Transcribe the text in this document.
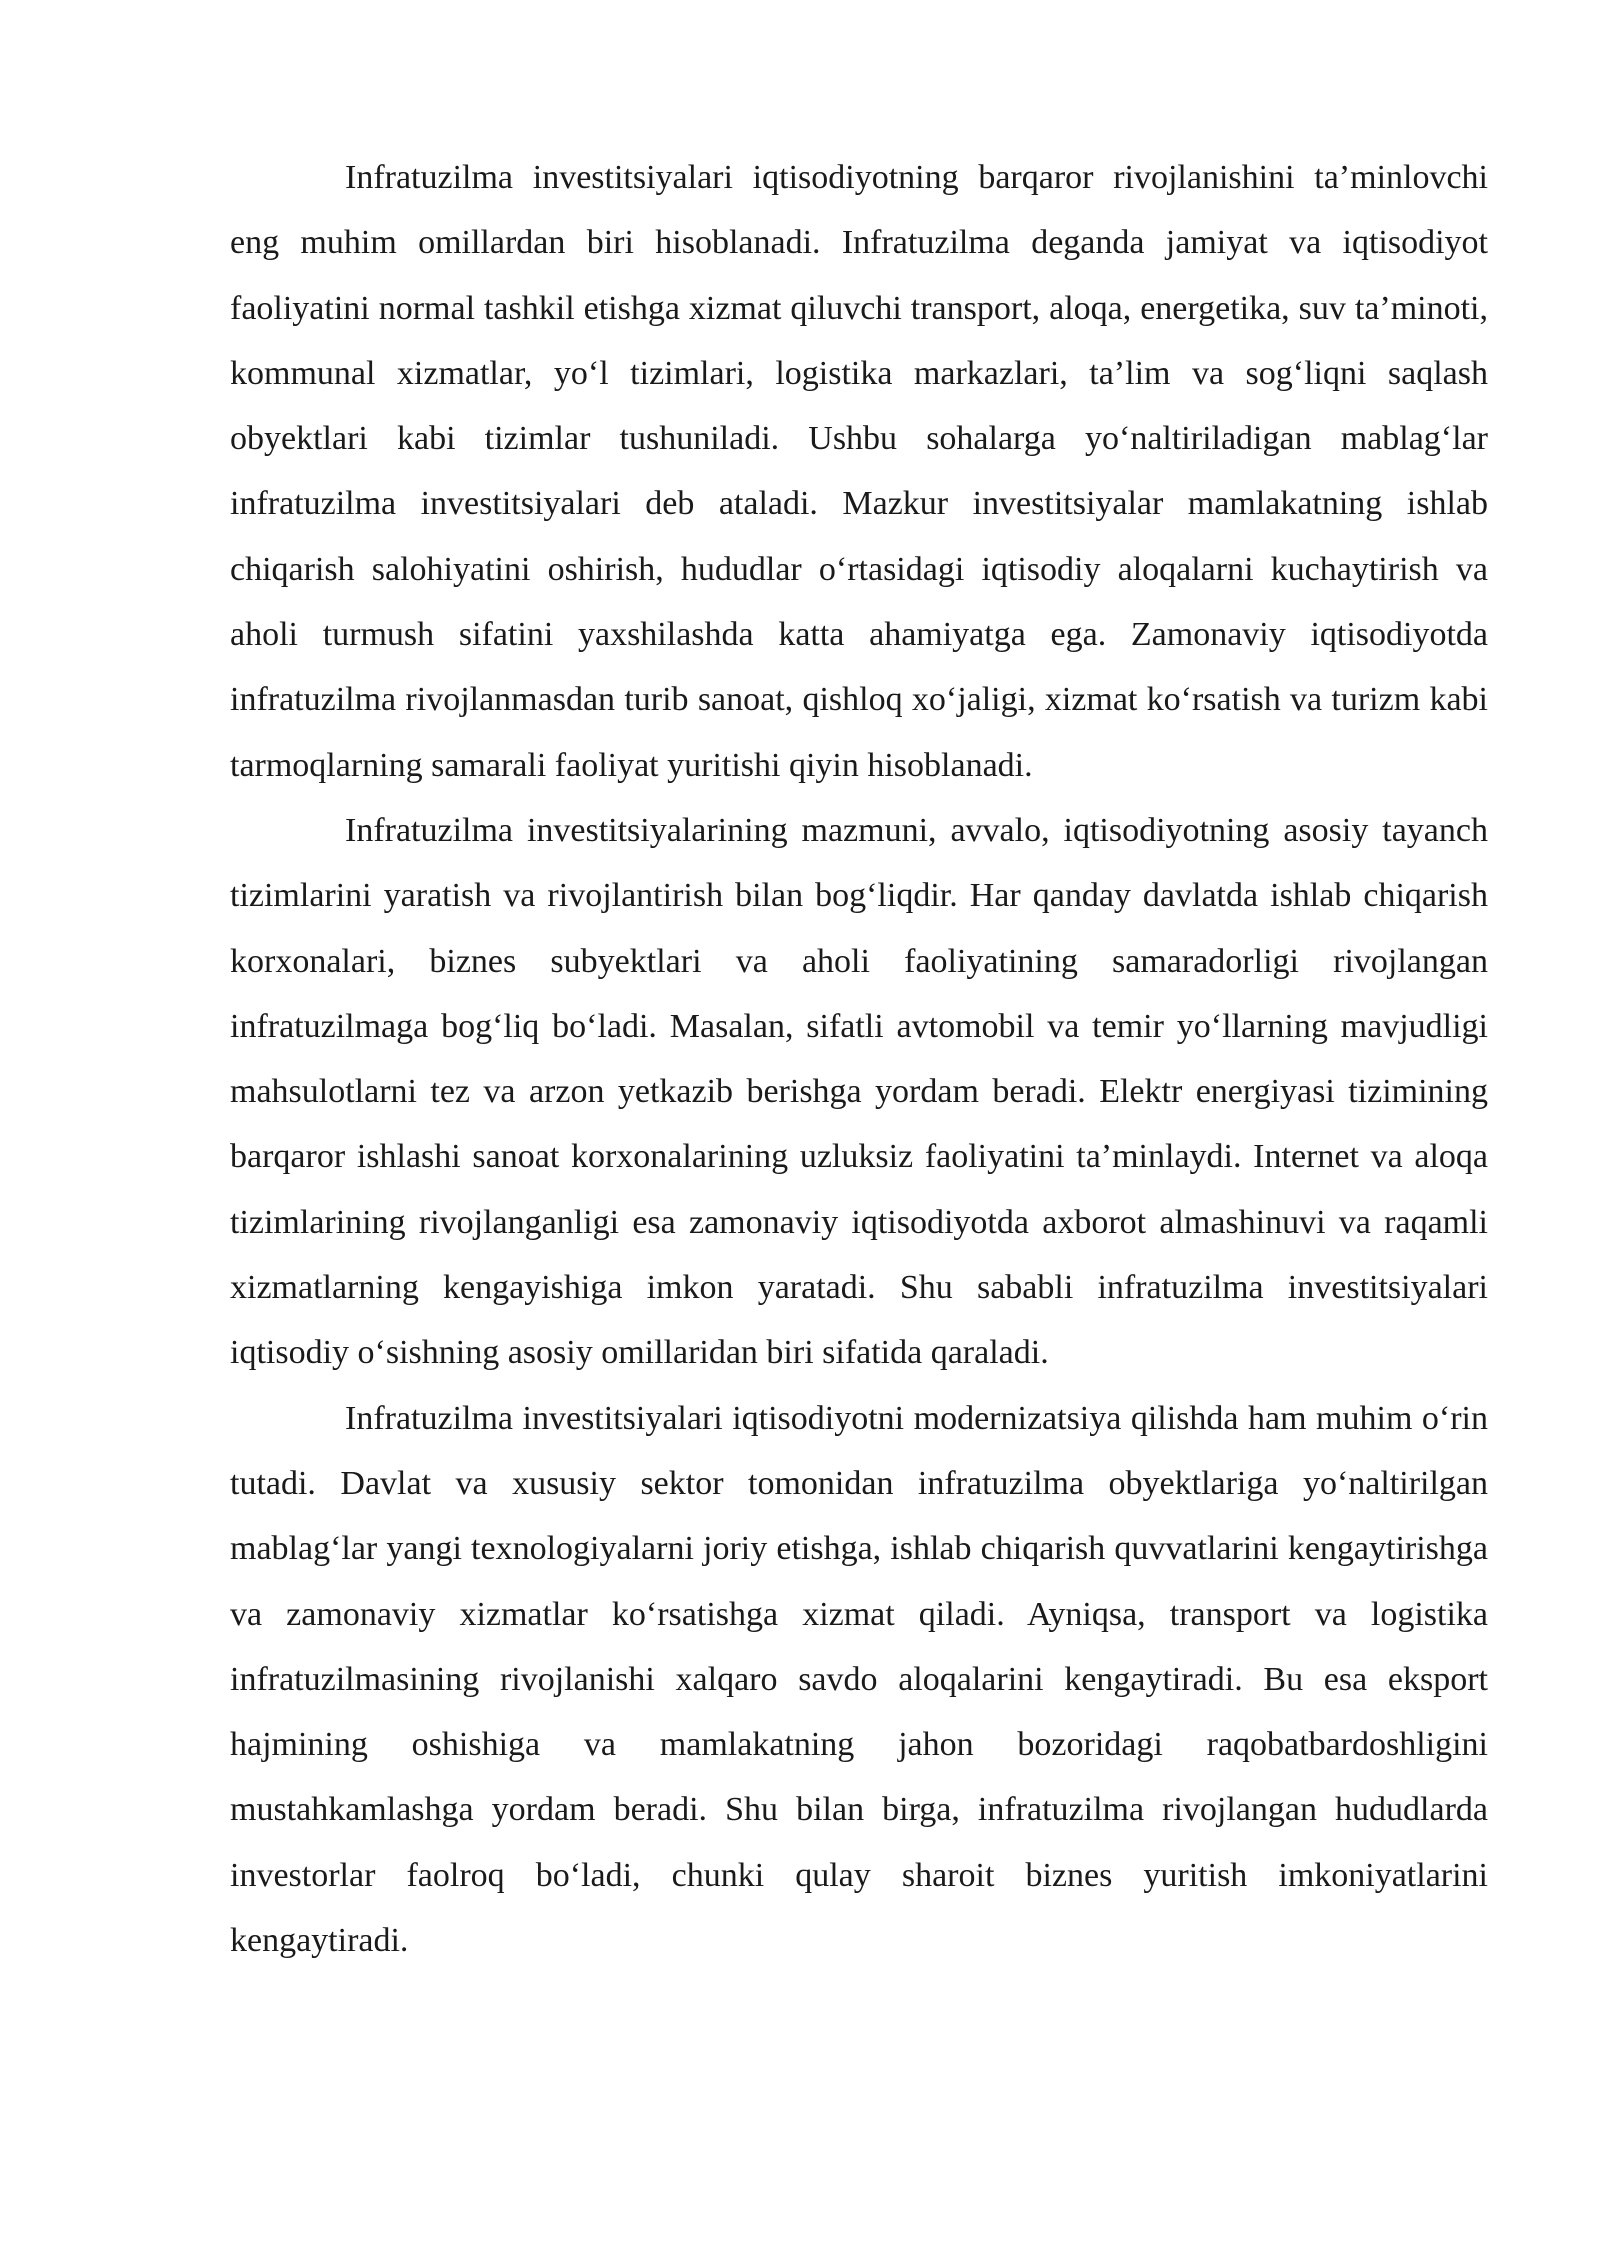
Infratuzilma investitsiyalari iqtisodiyotning barqaror rivojlanishini ta’minlovchi eng muhim omillardan biri hisoblanadi. Infratuzilma deganda jamiyat va iqtisodiyot faoliyatini normal tashkil etishga xizmat qiluvchi transport, aloqa, energetika, suv ta’minoti, kommunal xizmatlar, yo‘l tizimlari, logistika markazlari, ta’lim va sog‘liqni saqlash obyektlari kabi tizimlar tushuniladi. Ushbu sohalarga yo‘naltiriladigan mablag‘lar infratuzilma investitsiyalari deb ataladi. Mazkur investitsiyalar mamlakatning ishlab chiqarish salohiyatini oshirish, hududlar o‘rtasidagi iqtisodiy aloqalarni kuchaytirish va aholi turmush sifatini yaxshilashda katta ahamiyatga ega. Zamonaviy iqtisodiyotda infratuzilma rivojlanmasdan turib sanoat, qishloq xo‘jaligi, xizmat ko‘rsatish va turizm kabi tarmoqlarning samarali faoliyat yuritishi qiyin hisoblanadi.

Infratuzilma investitsiyalarining mazmuni, avvalo, iqtisodiyotning asosiy tayanch tizimlarini yaratish va rivojlantirish bilan bog‘liqdir. Har qanday davlatda ishlab chiqarish korxonalari, biznes subyektlari va aholi faoliyatining samaradorligi rivojlangan infratuzilmaga bog‘liq bo‘ladi. Masalan, sifatli avtomobil va temir yo‘llarning mavjudligi mahsulotlarni tez va arzon yetkazib berishga yordam beradi. Elektr energiyasi tizimining barqaror ishlashi sanoat korxonalarining uzluksiz faoliyatini ta’minlaydi. Internet va aloqa tizimlarining rivojlanganligi esa zamonaviy iqtisodiyotda axborot almashinuvi va raqamli xizmatlarning kengayishiga imkon yaratadi. Shu sababli infratuzilma investitsiyalari iqtisodiy o‘sishning asosiy omillaridan biri sifatida qaraladi.

Infratuzilma investitsiyalari iqtisodiyotni modernizatsiya qilishda ham muhim o‘rin tutadi. Davlat va xususiy sektor tomonidan infratuzilma obyektlariga yo‘naltirilgan mablag‘lar yangi texnologiyalarni joriy etishga, ishlab chiqarish quvvatlarini kengaytirishga va zamonaviy xizmatlar ko‘rsatishga xizmat qiladi. Ayniqsa, transport va logistika infratuzilmasining rivojlanishi xalqaro savdo aloqalarini kengaytiradi. Bu esa eksport hajmining oshishiga va mamlakatning jahon bozoridagi raqobatbardoshligini mustahkamlashga yordam beradi. Shu bilan birga, infratuzilma rivojlangan hududlarda investorlar faolroq bo‘ladi, chunki qulay sharoit biznes yuritish imkoniyatlarini kengaytiradi.
